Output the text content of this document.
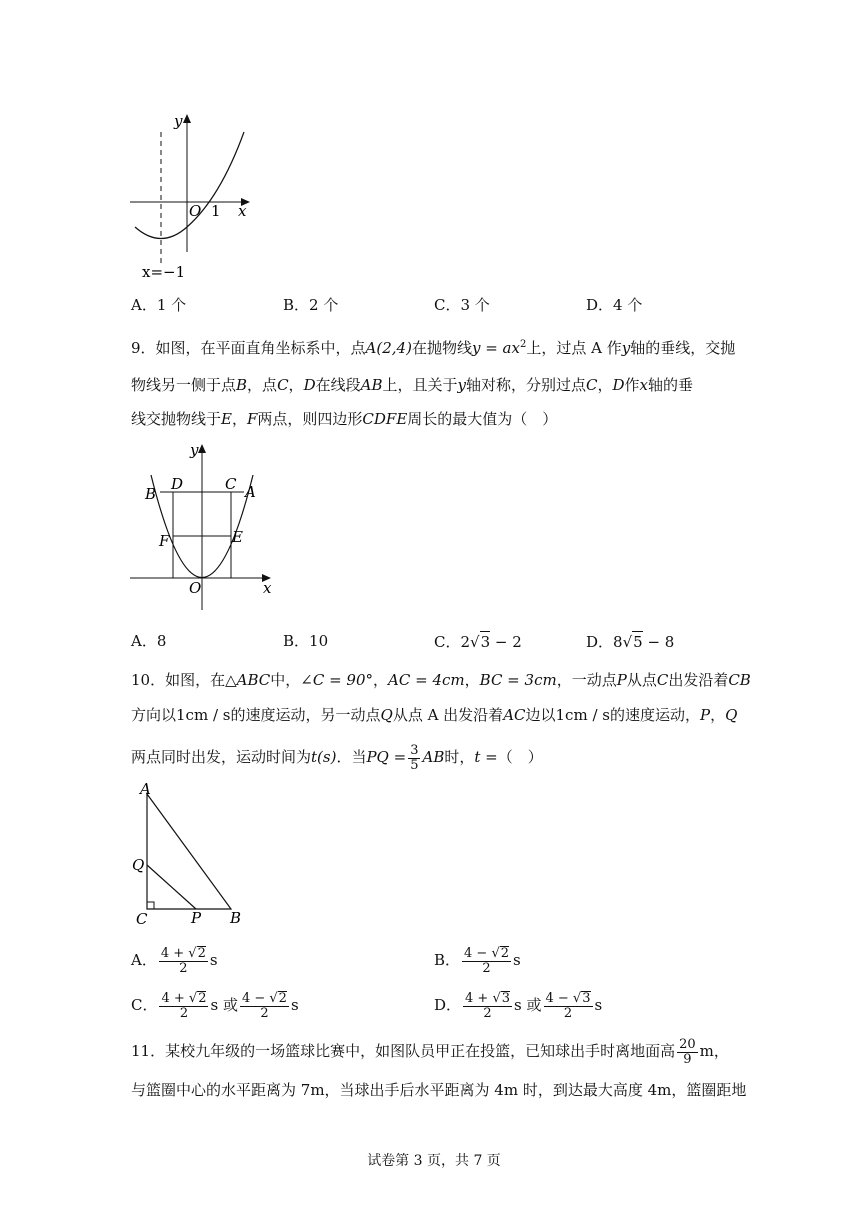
y
O 1 x
x=−1
A．1 个	B．2 个	C．3 个	D．4 个
9．如图，在平面直角坐标系中，点A(2,4)在抛物线$y = ax^2$上，过点 A 作y轴的垂线，交抛
物线另一侧于点B，点C，D在线段AB上，且关于y轴对称，分别过点C，D作x轴的垂
线交抛物线于E，F两点，则四边形CDFE周长的最大值为（　）
y
B
D	C A
F	E
O	x
A．8	B．10	C．2√3 − 2	D．8√5 − 8
10．如图，在△ABC中，∠C = 90°，AC = 4cm，BC = 3cm，一动点P从点C出发沿着CB
方向以1cm / s的速度运动，另一动点Q从点 A 出发沿着AC边以1cm / s的速度运动，P，Q
两点同时出发，运动时间为t(s)．当PQ = $\frac{3}{5}$ AB时，t =（　）
A
Q
C	P B
A． $\frac{4 + √2}{2}$ s	B． $\frac{4 - √2}{2}$ s
C． $\frac{4 + √2}{2}$ s 或 $\frac{4 - √2}{2}$ s	D． $\frac{4 + √3}{2}$ s 或 $\frac{4 - √3}{2}$ s
11．某校九年级的一场篮球比赛中，如图队员甲正在投篮，已知球出手时离地面高 $\frac{20}{9}$ m，
与篮圈中心的水平距离为 7m，当球出手后水平距离为 4m 时，到达最大高度 4m，篮圈距地
试卷第 3 页，共 7 页
